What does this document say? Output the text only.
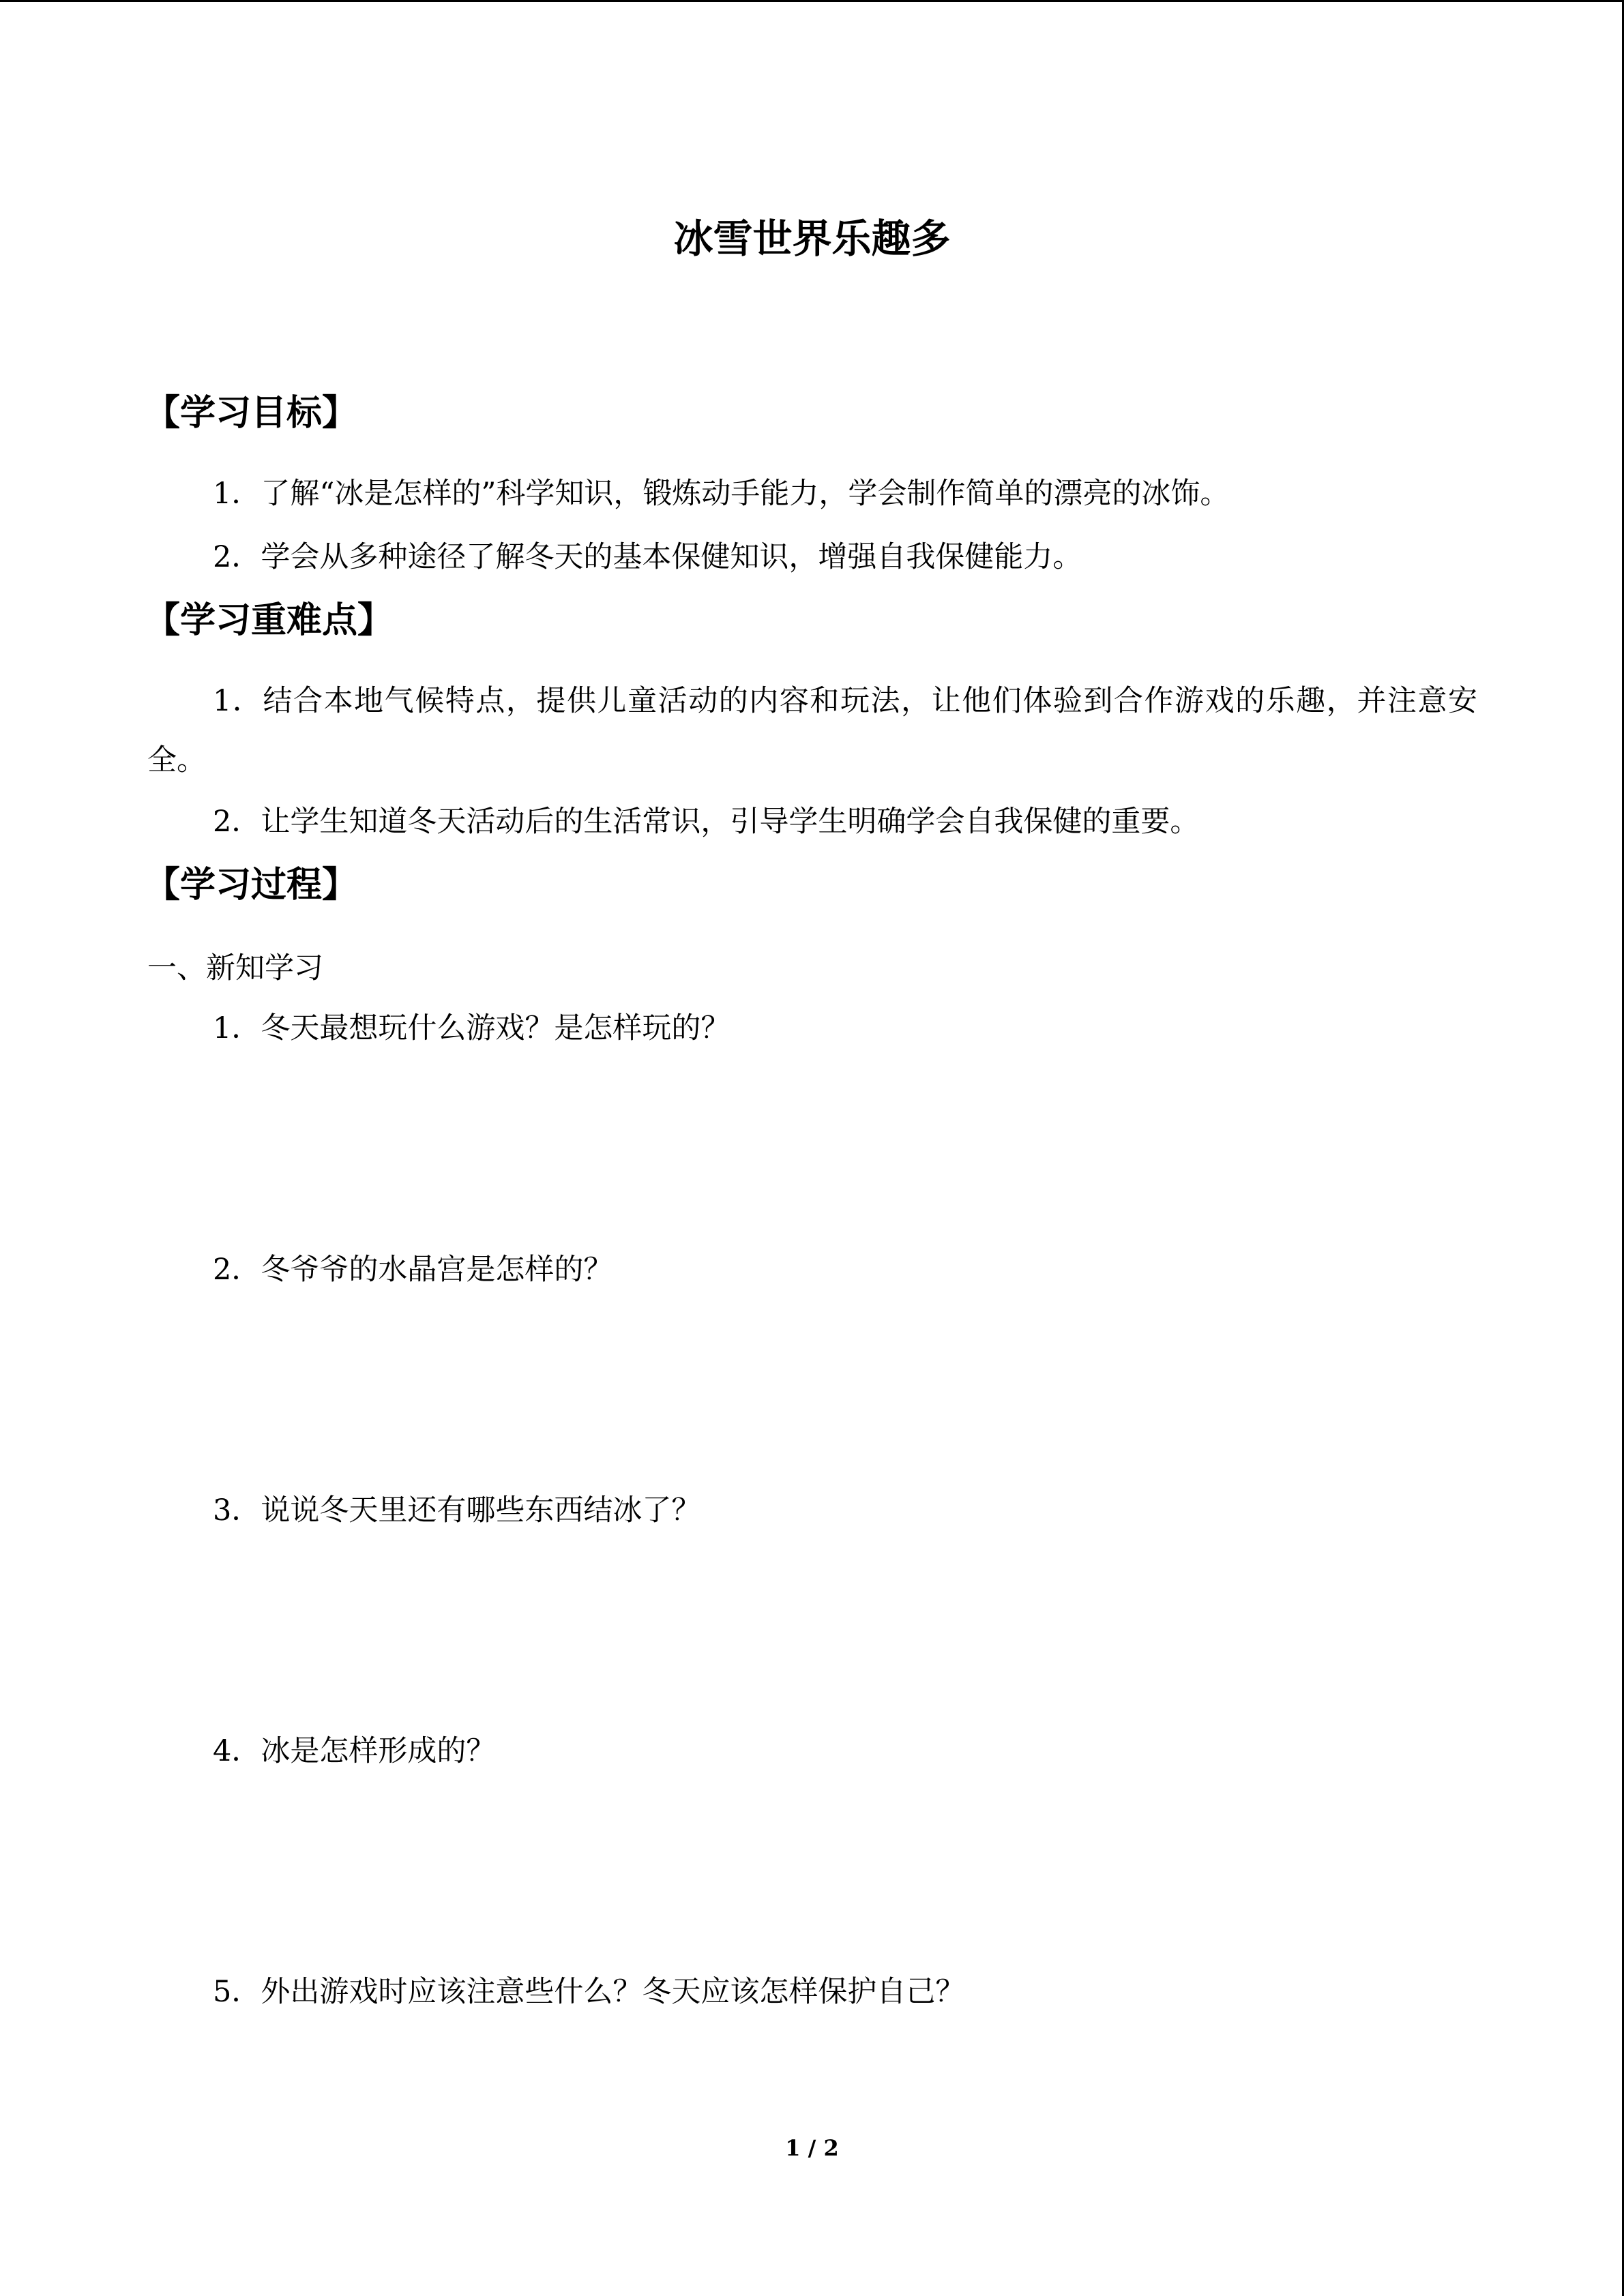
冰雪世界乐趣多
【学习目标】
1．了解“冰是怎样的”科学知识，锻炼动手能力，学会制作简单的漂亮的冰饰。
2．学会从多种途径了解冬天的基本保健知识，增强自我保健能力。
【学习重难点】
1．结合本地气候特点，提供儿童活动的内容和玩法，让他们体验到合作游戏的乐趣，并注意安全。
2．让学生知道冬天活动后的生活常识，引导学生明确学会自我保健的重要。
【学习过程】
一、新知学习
1．冬天最想玩什么游戏？是怎样玩的？
2．冬爷爷的水晶宫是怎样的？
3．说说冬天里还有哪些东西结冰了？
4．冰是怎样形成的？
5．外出游戏时应该注意些什么？冬天应该怎样保护自己？
1 / 2
